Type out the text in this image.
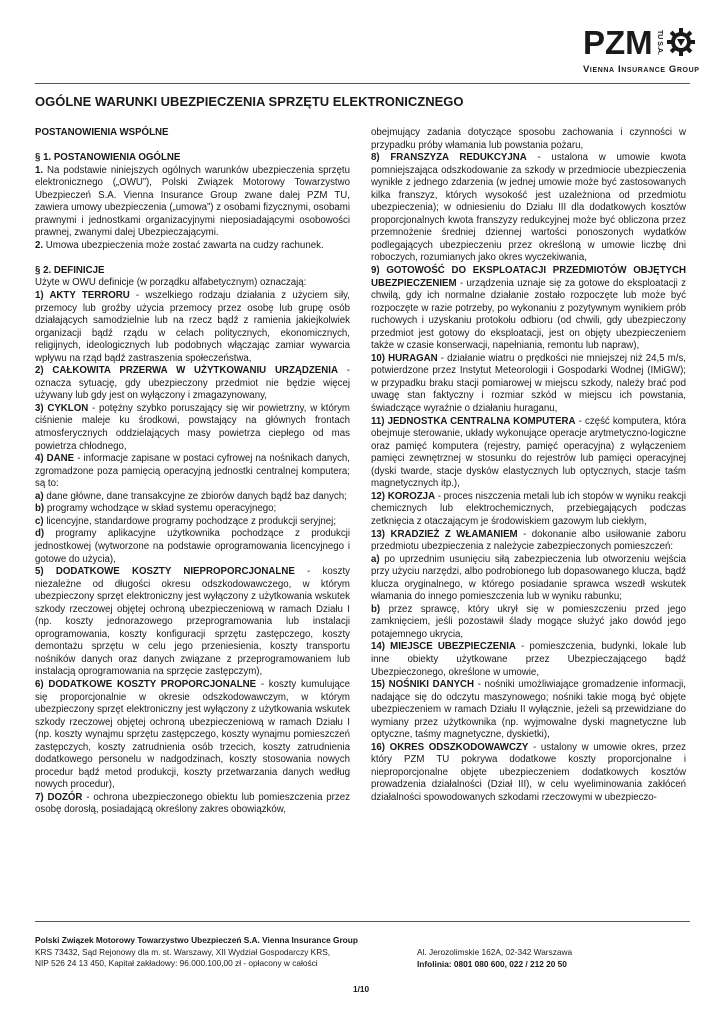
PZM TU S.A.
Vienna Insurance Group
OGÓLNE WARUNKI UBEZPIECZENIA SPRZĘTU ELEKTRONICZNEGO

POSTANOWIENIA WSPÓLNE

§ 1. POSTANOWIENIA OGÓLNE

1. Na podstawie niniejszych ogólnych warunków ubezpieczenia sprzętu elektronicznego („OWU”), Polski Związek Motorowy Towarzystwo Ubezpieczeń S.A. Vienna Insurance Group zwane dalej PZM TU, zawiera umowy ubezpieczenia („umowa”) z osobami fizycznymi, osobami prawnymi i jednostkami organizacyjnymi nieposiadającymi osobowości prawnej, zwanymi dalej Ubezpieczającymi.

2. Umowa ubezpieczenia może zostać zawarta na cudzy rachunek.

§ 2. DEFINICJE

Użyte w OWU definicje (w porządku alfabetycznym) oznaczają:

1) AKTY TERRORU - wszelkiego rodzaju działania z użyciem siły, przemocy lub groźby użycia przemocy przez osobę lub grupę osób działających samodzielnie lub na rzecz bądź z ramienia jakiejkolwiek organizacji bądź rządu w celach politycznych, ekonomicznych, religijnych, ideologicznych lub podobnych włączając zamiar wywarcia wpływu na rząd bądź zastraszenia społeczeństwa,

2) CAŁKOWITA PRZERWA W UŻYTKOWANIU URZĄDZENIA - oznacza sytuację, gdy ubezpieczony przedmiot nie będzie więcej używany lub gdy jest on wyłączony i zmagazynowany,

3) CYKLON - potężny szybko poruszający się wir powietrzny, w którym ciśnienie maleje ku środkowi, powstający na głównych frontach atmosferycznych oddzielających masy powietrza ciepłego od mas powietrza chłodnego,

4) DANE - informacje zapisane w postaci cyfrowej na nośnikach danych, zgromadzone poza pamięcią operacyjną jednostki centralnej komputera; są to:

a) dane główne, dane transakcyjne ze zbiorów danych bądź baz danych;

b) programy wchodzące w skład systemu operacyjnego;

c) licencyjne, standardowe programy pochodzące z produkcji seryjnej;

d) programy aplikacyjne użytkownika pochodzące z produkcji jednostkowej (wytworzone na podstawie oprogramowania licencyjnego i gotowe do użycia),

5) DODATKOWE KOSZTY NIEPROPORCJONALNE - koszty niezależne od długości okresu odszkodowawczego, w którym ubezpieczony sprzęt elektroniczny jest wyłączony z użytkowania wskutek szkody rzeczowej objętej ochroną ubezpieczeniową w ramach Działu I (np. koszty jednorazowego przeprogramowania lub instalacji oprogramowania, koszty konfiguracji sprzętu zastępczego, koszty demontażu sprzętu w celu jego przeniesienia, koszty transportu nośników danych oraz danych związane z przeprogramowaniem lub instalacją oprogramowania na sprzęcie zastępczym),

6) DODATKOWE KOSZTY PROPORCJONALNE - koszty kumulujące się proporcjonalnie w okresie odszkodowawczym, w którym ubezpieczony sprzęt elektroniczny jest wyłączony z użytkowania wskutek szkody rzeczowej objętej ochroną ubezpieczeniową w ramach Działu I (np. koszty wynajmu sprzętu zastępczego, koszty wynajmu pomieszczeń zastępczych, koszty zatrudnienia osób trzecich, koszty zatrudnienia dodatkowego personelu w nadgodzinach, koszty stosowania nowych procedur bądź metod produkcji, koszty przetwarzania danych według nowych procedur),

7) DOZÓR - ochrona ubezpieczonego obiektu lub pomieszczenia przez osobę dorosłą, posiadającą określony zakres obowiązków,

obejmujący zadania dotyczące sposobu zachowania i czynności w przypadku próby włamania lub powstania pożaru,

8) FRANSZYZA REDUKCYJNA - ustalona w umowie kwota pomniejszająca odszkodowanie za szkody w przedmiocie ubezpieczenia wynikłe z jednego zdarzenia (w jednej umowie może być zastosowanych kilka franszyz, których wysokość jest uzależniona od przedmiotu ubezpieczenia); w odniesieniu do Działu III dla dodatkowych kosztów proporcjonalnych kwota franszyzy redukcyjnej może być obliczona przez przemnożenie średniej dziennej wartości ponoszonych wydatków podlegających ubezpieczeniu przez określoną w umowie liczbę dni roboczych, rozumianych jako okres wyczekiwania,

9) GOTOWOŚĆ DO EKSPLOATACJI PRZEDMIOTÓW OBJĘTYCH UBEZPIECZENIEM - urządzenia uznaje się za gotowe do eksploatacji z chwilą, gdy ich normalne działanie zostało rozpoczęte lub może być rozpoczęte w razie potrzeby, po wykonaniu z pozytywnym wynikiem prób ruchowych i uzyskaniu protokołu odbioru (od chwili, gdy ubezpieczony przedmiot jest gotowy do eksploatacji, jest on objęty ubezpieczeniem także w czasie konserwacji, napełniania, remontu lub napraw),

10) HURAGAN - działanie wiatru o prędkości nie mniejszej niż 24,5 m/s, potwierdzone przez Instytut Meteorologii i Gospodarki Wodnej (IMiGW); w przypadku braku stacji pomiarowej w miejscu szkody, należy brać pod uwagę stan faktyczny i rozmiar szkód w miejscu ich powstania, świadczące wyraźnie o działaniu huraganu,

11) JEDNOSTKA CENTRALNA KOMPUTERA - część komputera, która obejmuje sterowanie, układy wykonujące operacje arytmetyczno-logiczne oraz pamięć komputera (rejestry, pamięć operacyjna) z wyłączeniem pamięci zewnętrznej w stosunku do rejestrów lub pamięci operacyjnej (dyski twarde, stacje dysków elastycznych lub optycznych, stacje taśm magnetycznych itp.),

12) KOROZJA - proces niszczenia metali lub ich stopów w wyniku reakcji chemicznych lub elektrochemicznych, przebiegających podczas zetknięcia z otaczającym je środowiskiem gazowym lub ciekłym,

13) KRADZIEŻ Z WŁAMANIEM - dokonanie albo usiłowanie zaboru przedmiotu ubezpieczenia z należycie zabezpieczonych pomieszczeń:

a) po uprzednim usunięciu siłą zabezpieczenia lub otworzeniu wejścia przy użyciu narzędzi, albo podrobionego lub dopasowanego klucza, bądź klucza oryginalnego, w którego posiadanie sprawca wszedł wskutek włamania do innego pomieszczenia lub w wyniku rabunku;

b) przez sprawcę, który ukrył się w pomieszczeniu przed jego zamknięciem, jeśli pozostawił ślady mogące służyć jako dowód jego potajemnego ukrycia,

14) MIEJSCE UBEZPIECZENIA - pomieszczenia, budynki, lokale lub inne obiekty użytkowane przez Ubezpieczającego bądź Ubezpieczonego, określone w umowie,

15) NOŚNIKI DANYCH - nośniki umożliwiające gromadzenie informacji, nadające się do odczytu maszynowego; nośniki takie mogą być objęte ubezpieczeniem w ramach Działu II wyłącznie, jeżeli są przewidziane do wymiany przez użytkownika (np. wyjmowalne dyski magnetyczne lub optyczne, taśmy magnetyczne, dyskietki),

16) OKRES ODSZKODOWAWCZY - ustalony w umowie okres, przez który PZM TU pokrywa dodatkowe koszty proporcjonalne i nieproporcjonalne objęte ubezpieczeniem dodatkowych kosztów prowadzenia działalności (Dział III), w celu wyeliminowania zakłóceń działalności spowodowanych szkodami rzeczowymi w ubezpieczo-

Polski Związek Motorowy Towarzystwo Ubezpieczeń S.A. Vienna Insurance Group
KRS 73432, Sąd Rejonowy dla m. st. Warszawy, XII Wydział Gospodarczy KRS,
NIP 526 24 13 450, Kapitał zakładowy: 96.000.100,00 zł - opłacony w całości
Al. Jerozolimskie 162A, 02-342 Warszawa
Infolinia: 0801 080 600, 022 / 212 20 50
1/10
